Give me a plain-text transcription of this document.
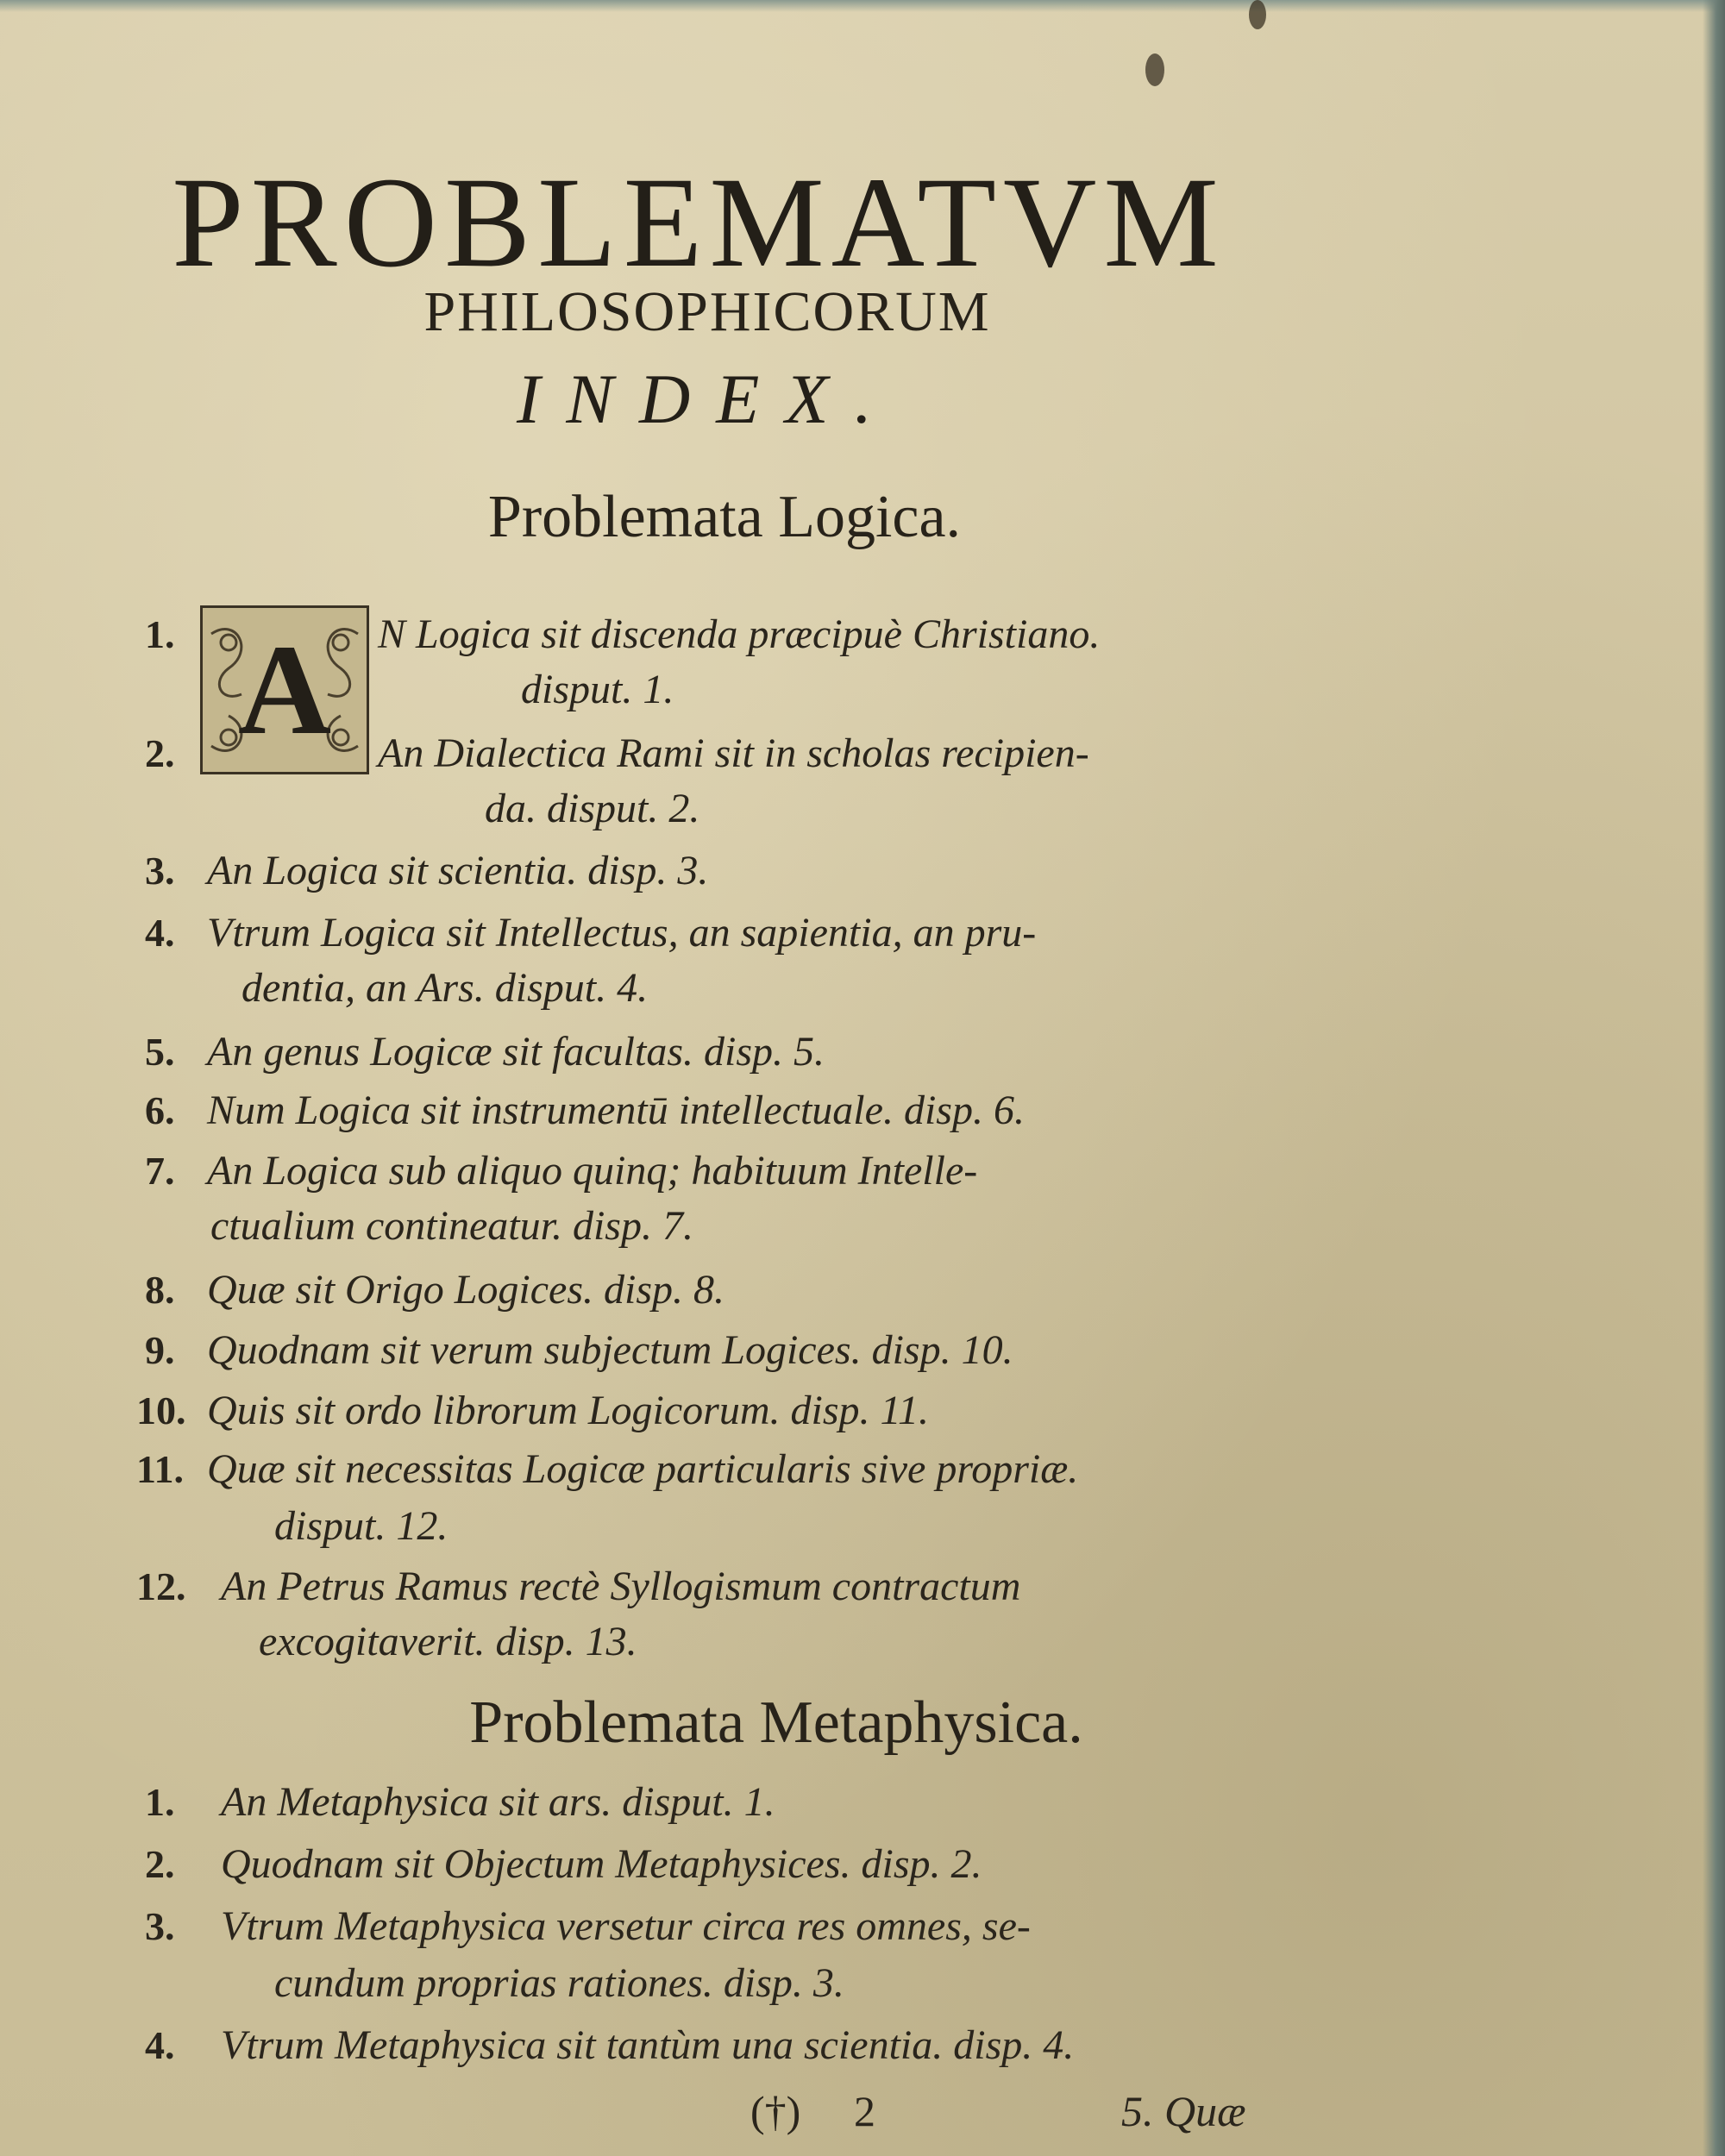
PROBLEMATVM
PHILOSOPHICORUM
INDEX.
Problemata Logica.
A
1.	N Logica sit discenda præcipuè Christiano.
disput. 1.
2.	An Dialectica Rami sit in scholas recipien-
da. disput. 2.
3. An Logica sit scientia. disp. 3.
4. Vtrum Logica sit Intellectus, an sapientia, an pru-
dentia, an Ars. disput. 4.
5. An genus Logicæ sit facultas. disp. 5.
6. Num Logica sit instrumentū intellectuale. disp. 6.
7. An Logica sub aliquo quinq; habituum Intelle-
ctualium contineatur. disp. 7.
8. Quæ sit Origo Logices. disp. 8.
9. Quodnam sit verum subjectum Logices. disp. 10.
10. Quis sit ordo librorum Logicorum. disp. 11.
11. Quæ sit necessitas Logicæ particularis sive propriæ.
disput. 12.
12. An Petrus Ramus rectè Syllogismum contractum
excogitaverit. disp. 13.
Problemata Metaphysica.
1. An Metaphysica sit ars. disput. 1.
2. Quodnam sit Objectum Metaphysices. disp. 2.
3. Vtrum Metaphysica versetur circa res omnes, se-
cundum proprias rationes. disp. 3.
4. Vtrum Metaphysica sit tantùm una scientia. disp. 4.
(†) 2	5. Quæ
